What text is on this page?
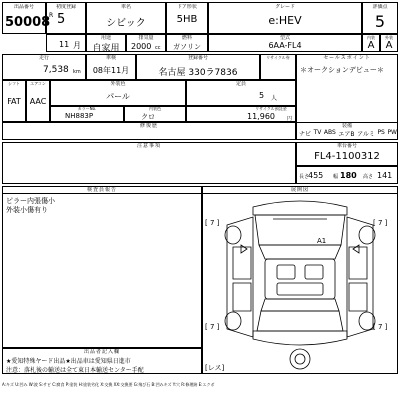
出品番号
50008
初度登録
R 5
車名
シビック
ドア形状
5HB
グレード
e:HEV
評価点
5
11 月
用途
自家用
排気量
2000 cc
燃料
ガソリン
型式
6AA-FL4
内装
A
外装
A
走行
7,538 km
車検
08年11月
登録番号
名古屋 330ラ7836
リサイクル券	セールスポイント
＊オークションデビュー＊
シフト
FAT
エアコン
AAC
外装色
パール
定員
5 人
カラーNo.
NH883P
内装色
クロ
リサイクル預託金
11,960 円
修復歴	装備
ナビ TV ABS エアB アルミ PS PW
注意事項	車台番号
FL4-1100312
長さ
455 幅 180 高さ 141
検査員報告
ピラー内張傷小
外装小傷有り
展開図
[ 7 ]	[ 7 ]
[ 7 ]	[ 7 ]
[レス]
A1
出品者記入欄
★愛知特殊ヤード出品★出品車は愛知県日進市
注意：落札後の輸送は全て東日本輸送センター手配
A:キズ U:凹み W:波 S:サビ C:腐食 P:塗装 H:塗装劣化 X:交換 XX:交換要 G:飛び石 B:凹みキズ Y:穴 R:修理跡 E:エクボ
